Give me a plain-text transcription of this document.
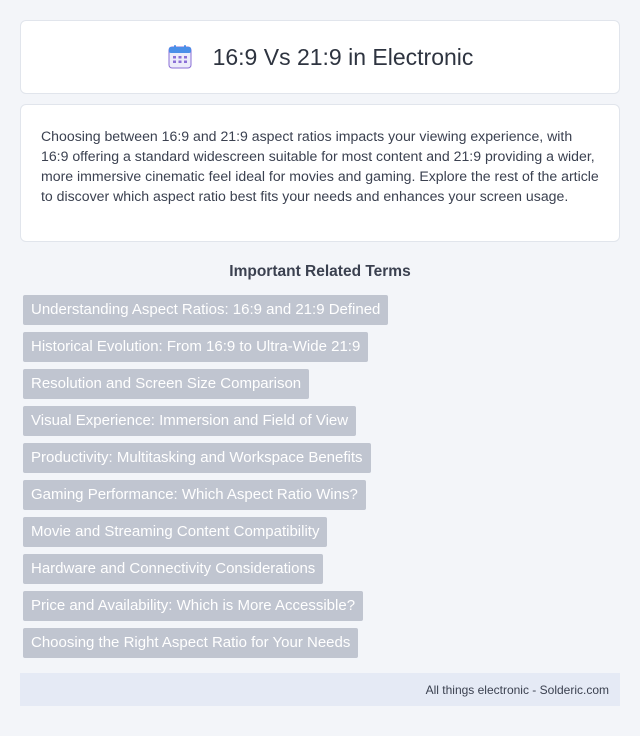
16:9 Vs 21:9 in Electronic

Choosing between 16:9 and 21:9 aspect ratios impacts your viewing experience, with 16:9 offering a standard widescreen suitable for most content and 21:9 providing a wider, more immersive cinematic feel ideal for movies and gaming. Explore the rest of the article to discover which aspect ratio best fits your needs and enhances your screen usage.

Important Related Terms
Understanding Aspect Ratios: 16:9 and 21:9 Defined
Historical Evolution: From 16:9 to Ultra-Wide 21:9
Resolution and Screen Size Comparison
Visual Experience: Immersion and Field of View
Productivity: Multitasking and Workspace Benefits
Gaming Performance: Which Aspect Ratio Wins?
Movie and Streaming Content Compatibility
Hardware and Connectivity Considerations
Price and Availability: Which is More Accessible?
Choosing the Right Aspect Ratio for Your Needs
All things electronic - Solderic.com
